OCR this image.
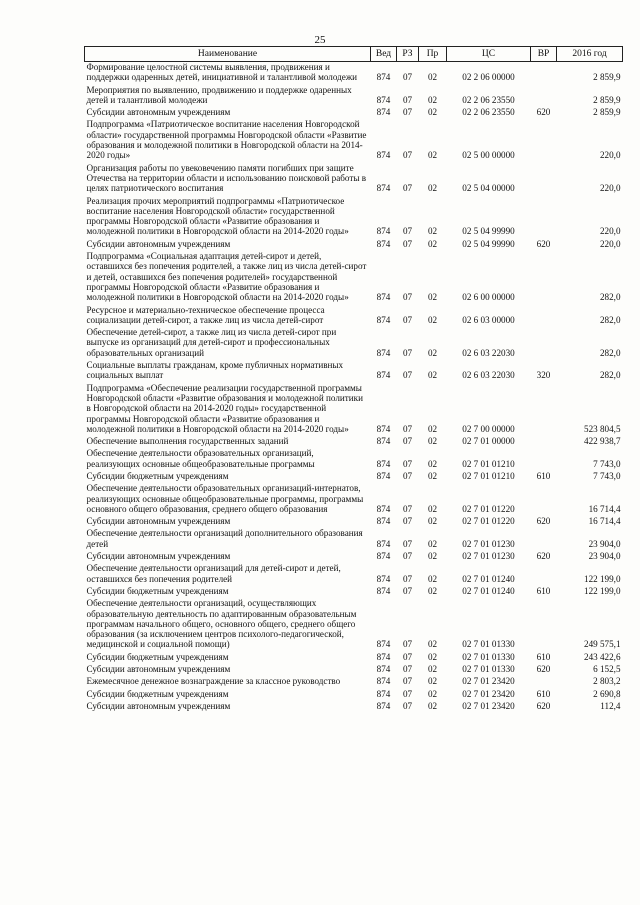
25
Наименование	Вед	РЗ	Пр	ЦС	ВР	2016 год
Формирование целостной системы выявления, продвижения и поддержки одаренных детей, инициативной и талантливой молодежи	874	07	02	02 2 06 00000		2 859,9
Мероприятия по выявлению, продвижению и поддержке одаренных детей и талантливой молодежи	874	07	02	02 2 06 23550		2 859,9
Субсидии автономным учреждениям	874	07	02	02 2 06 23550	620	2 859,9
Подпрограмма «Патриотическое воспитание населения Новгородской области» государственной программы Новгородской области «Развитие образования и молодежной политики в Новгородской области на 2014-2020 годы»	874	07	02	02 5 00 00000		220,0
Организация работы по увековечению памяти погибших при защите Отечества на территории области и использованию поисковой работы в целях патриотического воспитания	874	07	02	02 5 04 00000		220,0
Реализация прочих мероприятий подпрограммы «Патриотическое воспитание населения Новгородской области» государственной программы Новгородской области «Развитие образования и молодежной политики в Новгородской области на 2014-2020 годы»	874	07	02	02 5 04 99990		220,0
Субсидии автономным учреждениям	874	07	02	02 5 04 99990	620	220,0
Подпрограмма «Социальная адаптация детей-сирот и детей, оставшихся без попечения родителей, а также лиц из числа детей-сирот и детей, оставшихся без попечения родителей» государственной программы Новгородской области «Развитие образования и молодежной политики в Новгородской области на 2014-2020 годы»	874	07	02	02 6 00 00000		282,0
Ресурсное и материально-техническое обеспечение процесса социализации детей-сирот, а также лиц из числа детей-сирот	874	07	02	02 6 03 00000		282,0
Обеспечение детей-сирот, а также лиц из числа детей-сирот при выпуске из организаций для детей-сирот и профессиональных образовательных организаций	874	07	02	02 6 03 22030		282,0
Социальные выплаты гражданам, кроме публичных нормативных социальных выплат	874	07	02	02 6 03 22030	320	282,0
Подпрограмма «Обеспечение реализации государственной программы Новгородской области «Развитие образования и молодежной политики в Новгородской области на 2014-2020 годы» государственной программы Новгородской области «Развитие образования и молодежной политики в Новгородской области на 2014-2020 годы»	874	07	02	02 7 00 00000		523 804,5
Обеспечение выполнения государственных заданий	874	07	02	02 7 01 00000		422 938,7
Обеспечение деятельности образовательных организаций, реализующих основные общеобразовательные программы	874	07	02	02 7 01 01210		7 743,0
Субсидии бюджетным учреждениям	874	07	02	02 7 01 01210	610	7 743,0
Обеспечение деятельности образовательных организаций-интернатов, реализующих основные общеобразовательные программы, программы основного общего образования, среднего общего образования	874	07	02	02 7 01 01220		16 714,4
Субсидии автономным учреждениям	874	07	02	02 7 01 01220	620	16 714,4
Обеспечение деятельности организаций дополнительного образования детей	874	07	02	02 7 01 01230		23 904,0
Субсидии автономным учреждениям	874	07	02	02 7 01 01230	620	23 904,0
Обеспечение деятельности организаций для детей-сирот и детей, оставшихся без попечения родителей	874	07	02	02 7 01 01240		122 199,0
Субсидии бюджетным учреждениям	874	07	02	02 7 01 01240	610	122 199,0
Обеспечение деятельности организаций, осуществляющих образовательную деятельность по адаптированным образовательным программам начального общего, основного общего, среднего общего образования (за исключением центров психолого-педагогической, медицинской и социальной помощи)	874	07	02	02 7 01 01330		249 575,1
Субсидии бюджетным учреждениям	874	07	02	02 7 01 01330	610	243 422,6
Субсидии автономным учреждениям	874	07	02	02 7 01 01330	620	6 152,5
Ежемесячное денежное вознаграждение за классное руководство	874	07	02	02 7 01 23420		2 803,2
Субсидии бюджетным учреждениям	874	07	02	02 7 01 23420	610	2 690,8
Субсидии автономным учреждениям	874	07	02	02 7 01 23420	620	112,4
